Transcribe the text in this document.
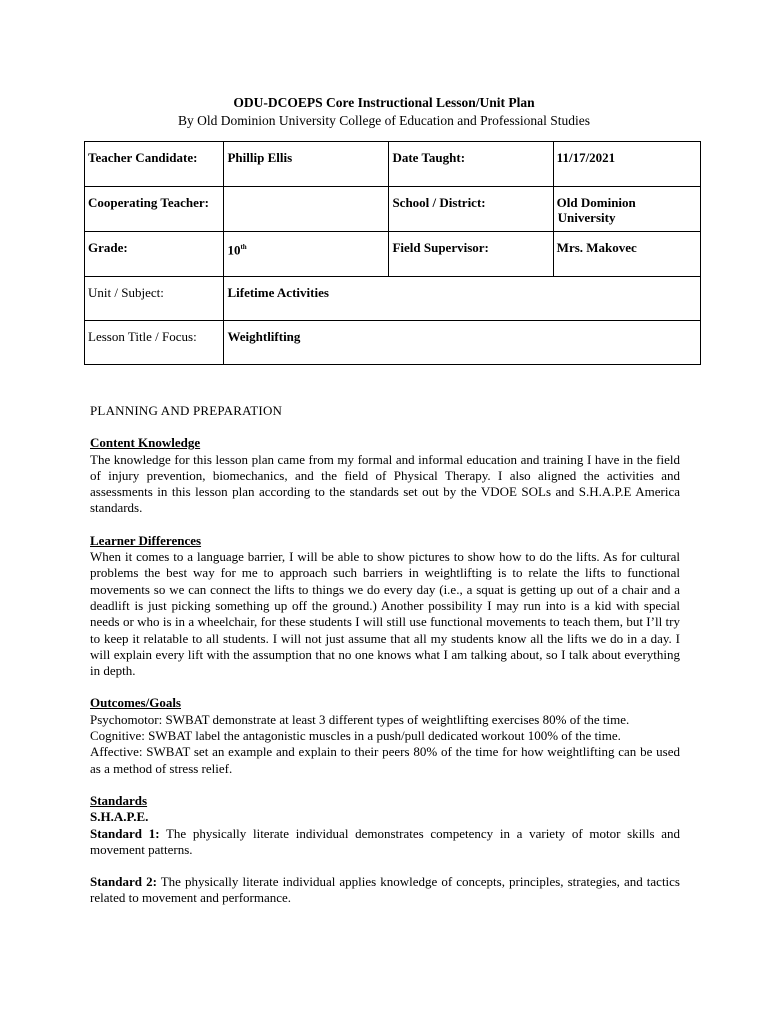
ODU-DCOEPS Core Instructional Lesson/Unit Plan
By Old Dominion University College of Education and Professional Studies
Teacher Candidate:	Phillip Ellis	Date Taught:	11/17/2021
Cooperating Teacher:		School / District:	Old Dominion
University

Grade:	10th	Field Supervisor:	Mrs. Makovec
Unit / Subject:	Lifetime Activities		
Lesson Title / Focus:	Weightlifting		

PLANNING AND PREPARATION

Content Knowledge

The knowledge for this lesson plan came from my formal and informal education and training I have in the field of injury prevention, biomechanics, and the field of Physical Therapy. I also aligned the activities and assessments in this lesson plan according to the standards set out by the VDOE SOLs and S.H.A.P.E America standards.

Learner Differences

When it comes to a language barrier, I will be able to show pictures to show how to do the lifts. As for cultural problems the best way for me to approach such barriers in weightlifting is to relate the lifts to functional movements so we can connect the lifts to things we do every day (i.e., a squat is getting up out of a chair and a deadlift is just picking something up off the ground.) Another possibility I may run into is a kid with special needs or who is in a wheelchair, for these students I will still use functional movements to teach them, but I’ll try to keep it relatable to all students. I will not just assume that all my students know all the lifts we do in a day. I will explain every lift with the assumption that no one knows what I am talking about, so I talk about everything in depth.

Outcomes/Goals

Psychomotor: SWBAT demonstrate at least 3 different types of weightlifting exercises 80% of the time.

Cognitive: SWBAT label the antagonistic muscles in a push/pull dedicated workout 100% of the time.

Affective: SWBAT set an example and explain to their peers 80% of the time for how weightlifting can be used as a method of stress relief.

Standards

S.H.A.P.E.

Standard 1: The physically literate individual demonstrates competency in a variety of motor skills and movement patterns.

Standard 2: The physically literate individual applies knowledge of concepts, principles, strategies, and tactics related to movement and performance.
